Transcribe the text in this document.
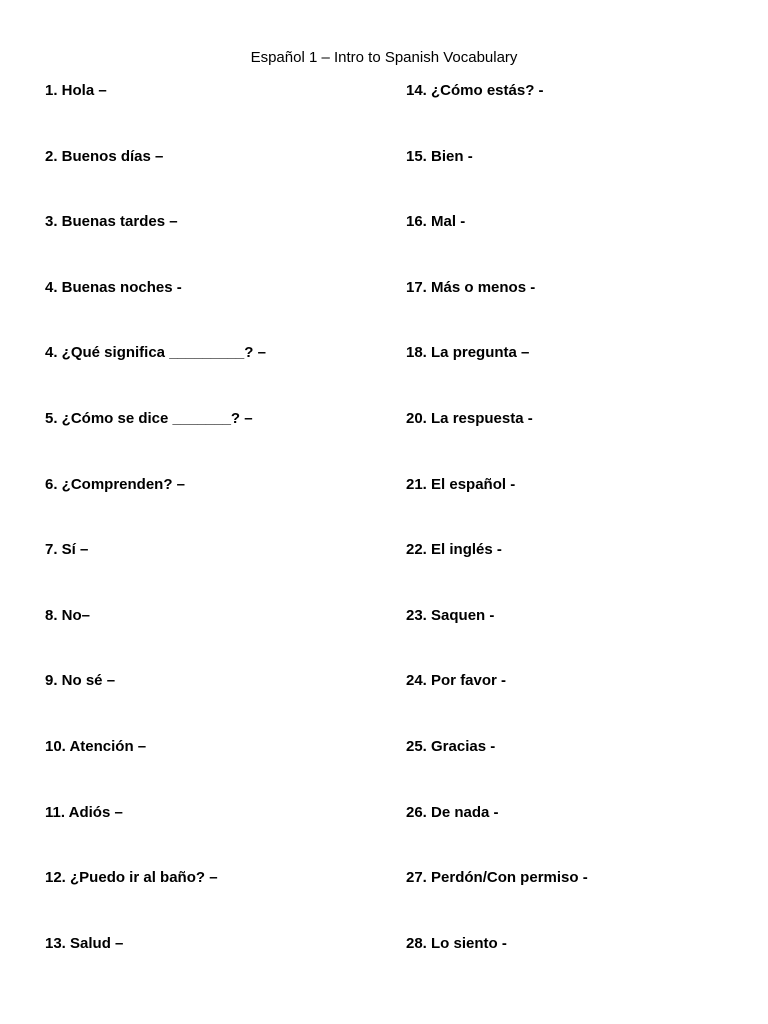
Español 1 – Intro to Spanish Vocabulary
1. Hola –
2. Buenos días –
3. Buenas tardes –
4. Buenas noches -
4. ¿Qué significa _________? –
5. ¿Cómo se dice _______? –
6. ¿Comprenden? –
7. Sí –
8. No–
9. No sé –
10. Atención –
11. Adiós –
12. ¿Puedo ir al baño? –
13. Salud –
14. ¿Cómo estás? -
15. Bien -
16. Mal -
17. Más o menos -
18. La pregunta –
20. La respuesta -
21. El español -
22. El inglés -
23. Saquen -
24. Por favor -
25. Gracias -
26. De nada -
27. Perdón/Con permiso -
28. Lo siento -
